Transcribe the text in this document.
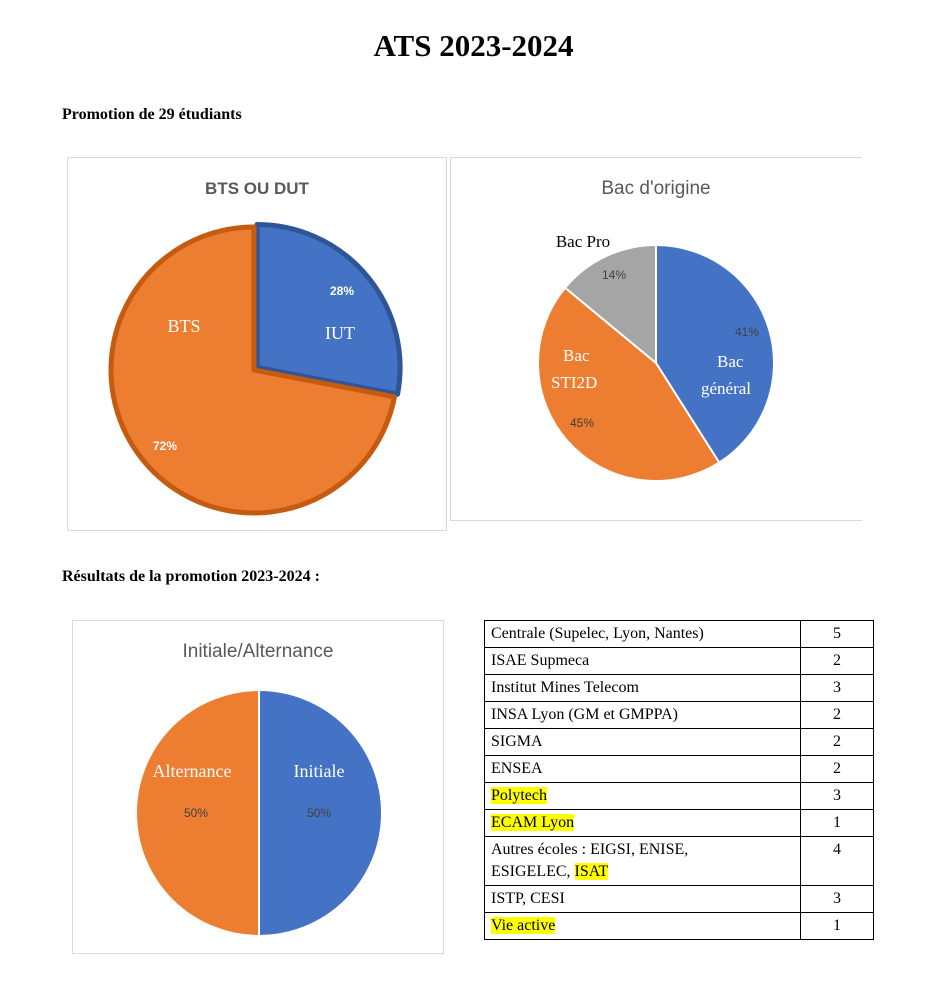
ATS 2023-2024
Promotion de 29 étudiants
BTS OU DUT
28%
IUT
BTS
72%
Bac d'origine
Bac Pro
14%
41%
Bac
général
Bac
STI2D
45%
Résultats de la promotion 2023-2024 :
Initiale/Alternance
Initiale
50%
Alternance
50%
Centrale (Supelec, Lyon, Nantes)	5
ISAE Supmeca	2
Institut Mines Telecom	3
INSA Lyon (GM et GMPPA)	2
SIGMA	2
ENSEA	2
Polytech	3
ECAM Lyon	1
Autres écoles : EIGSI, ENISE,
ESIGELEC, ISAT	4
ISTP, CESI	3
Vie active	1
